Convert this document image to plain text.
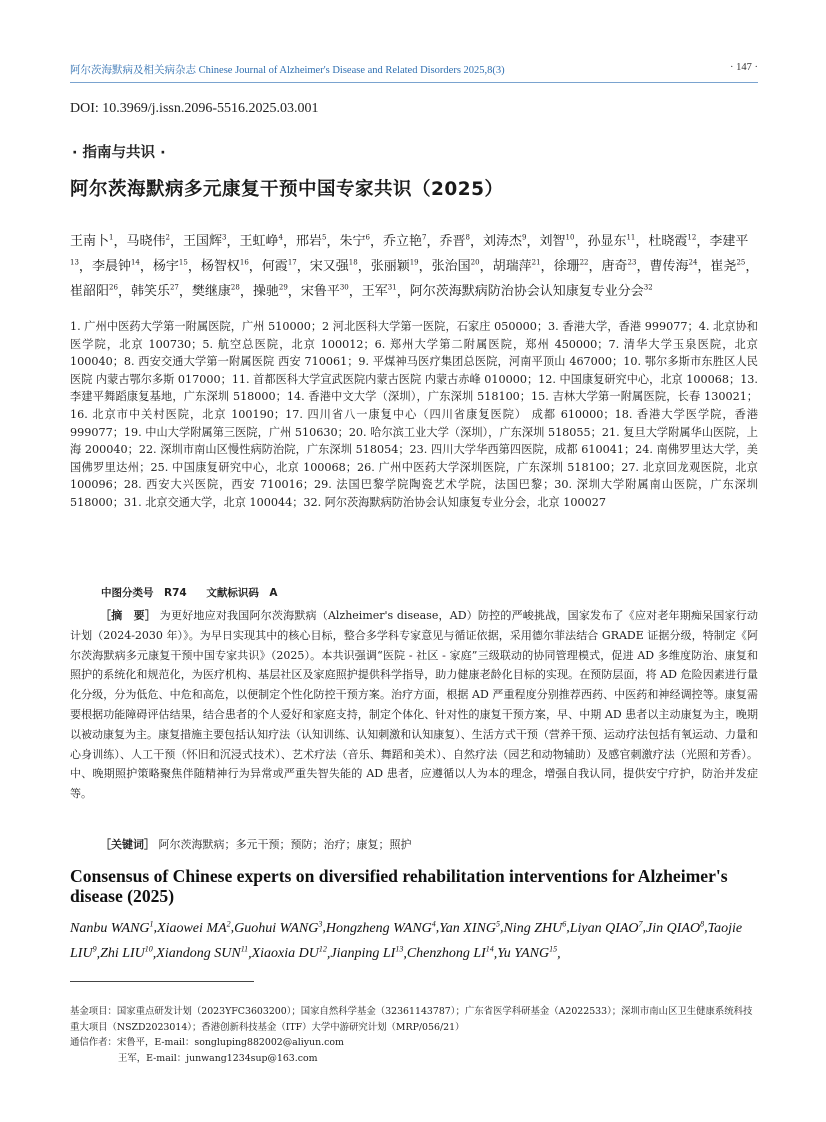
阿尔茨海默病及相关病杂志 Chinese Journal of Alzheimer's Disease and Related Disorders 2025,8(3)	· 147 ·
DOI: 10.3969/j.issn.2096-5516.2025.03.001
· 指南与共识 ·
阿尔茨海默病多元康复干预中国专家共识（2025）
王南卜$^1$，马晓伟$^2$，王国辉$^3$，王虹峥$^4$，邢岩$^5$，朱宁$^6$，乔立艳$^7$，乔晋$^8$，刘涛杰$^9$，刘智$^{10}$，孙显东$^{11}$，杜晓霞$^{12}$，李建平$^{13}$，李晨钟$^{14}$，杨宇$^{15}$，杨智权$^{16}$，何霞$^{17}$，宋又强$^{18}$，张丽颖$^{19}$，张治国$^{20}$，胡瑞萍$^{21}$，徐珊$^{22}$，唐奇$^{23}$，曹传海$^{24}$，崔尧$^{25}$，崔韶阳$^{26}$，韩笑乐$^{27}$，樊继康$^{28}$，操驰$^{29}$，宋鲁平$^{30}$，王军$^{31}$，阿尔茨海默病防治协会认知康复专业分会$^{32}$
1. 广州中医药大学第一附属医院，广州 510000；2 河北医科大学第一医院，石家庄 050000；3. 香港大学，香港 999077；4. 北京协和医学院，北京 100730；5. 航空总医院，北京 100012；6. 郑州大学第二附属医院，郑州 450000；7. 清华大学玉泉医院，北京 100040；8. 西安交通大学第一附属医院 西安 710061；9. 平煤神马医疗集团总医院，河南平顶山 467000；10. 鄂尔多斯市东胜区人民医院 内蒙古鄂尔多斯 017000；11. 首都医科大学宣武医院内蒙古医院 内蒙古赤峰 010000；12. 中国康复研究中心，北京 100068；13. 李建平舞蹈康复基地，广东深圳 518000；14. 香港中文大学（深圳），广东深圳 518100；15. 吉林大学第一附属医院，长春 130021；16. 北京市中关村医院，北京 100190；17. 四川省八一康复中心（四川省康复医院） 成都 610000；18. 香港大学医学院，香港 999077；19. 中山大学附属第三医院，广州 510630；20. 哈尔滨工业大学（深圳），广东深圳 518055；21. 复旦大学附属华山医院，上海 200040；22. 深圳市南山区慢性病防治院，广东深圳 518054；23. 四川大学华西第四医院，成都 610041；24. 南佛罗里达大学，美国佛罗里达州；25. 中国康复研究中心，北京 100068；26. 广州中医药大学深圳医院，广东深圳 518100；27. 北京回龙观医院，北京 100096；28. 西安大兴医院，西安 710016；29. 法国巴黎学院陶瓷艺术学院，法国巴黎；30. 深圳大学附属南山医院，广东深圳 518000；31. 北京交通大学，北京 100044；32. 阿尔茨海默病防治协会认知康复专业分会，北京 100027
中图分类号　R74 文献标识码　A
［摘　要］ 为更好地应对我国阿尔茨海默病（Alzheimer's disease，AD）防控的严峻挑战，国家发布了《应对老年期痴呆国家行动计划（2024-2030 年）》。为早日实现其中的核心目标，整合多学科专家意见与循证依据，采用德尔菲法结合 GRADE 证据分级，特制定《阿尔茨海默病多元康复干预中国专家共识》（2025）。本共识强调“医院 - 社区 - 家庭”三级联动的协同管理模式，促进 AD 多维度防治、康复和照护的系统化和规范化，为医疗机构、基层社区及家庭照护提供科学指导，助力健康老龄化目标的实现。在预防层面，将 AD 危险因素进行量化分级，分为低危、中危和高危，以便制定个性化防控干预方案。治疗方面，根据 AD 严重程度分别推荐西药、中医药和神经调控等。康复需要根据功能障碍评估结果，结合患者的个人爱好和家庭支持，制定个体化、针对性的康复干预方案，早、中期 AD 患者以主动康复为主，晚期以被动康复为主。康复措施主要包括认知疗法（认知训练、认知刺激和认知康复）、生活方式干预（营养干预、运动疗法包括有氧运动、力量和心身训练）、人工干预（怀旧和沉浸式技术）、艺术疗法（音乐、舞蹈和美术）、自然疗法（园艺和动物辅助）及感官刺激疗法（光照和芳香）。中、晚期照护策略聚焦伴随精神行为异常或严重失智失能的 AD 患者，应遵循以人为本的理念，增强自我认同，提供安宁疗护，防治并发症等。
［关键词］ 阿尔茨海默病；多元干预；预防；治疗；康复；照护
Consensus of Chinese experts on diversified rehabilitation interventions for Alzheimer's disease (2025)
Nanbu WANG$^1$,Xiaowei $MA^2,Guohui$ WANG$^3$,Hongzheng WANG$^4$,Yan XING$^5$,Ning ZHU$^6$,Liyan QIAO$^7$,Jin QIAO$^8$,Taojie LIU$^9$,Zhi LIU$^{10}$,Xiandong SUN$^{11}$,Xiaoxia DU$^{12}$,Jianping LI$^{13}$,Chenzhong LI$^{14}$,Yu YANG$^{15}$,
基金项目：国家重点研发计划（2023YFC3603200）；国家自然科学基金（32361143787）；广东省医学科研基金（A2022533）；深圳市南山区卫生健康系统科技重大项目（NSZD2023014）；香港创新科技基金（ITF）大学中游研究计划（MRP/056/21）
通信作者：宋鲁平，E-mail：songluping882002@aliyun.com
王军，E-mail：junwang1234sup@163.com
